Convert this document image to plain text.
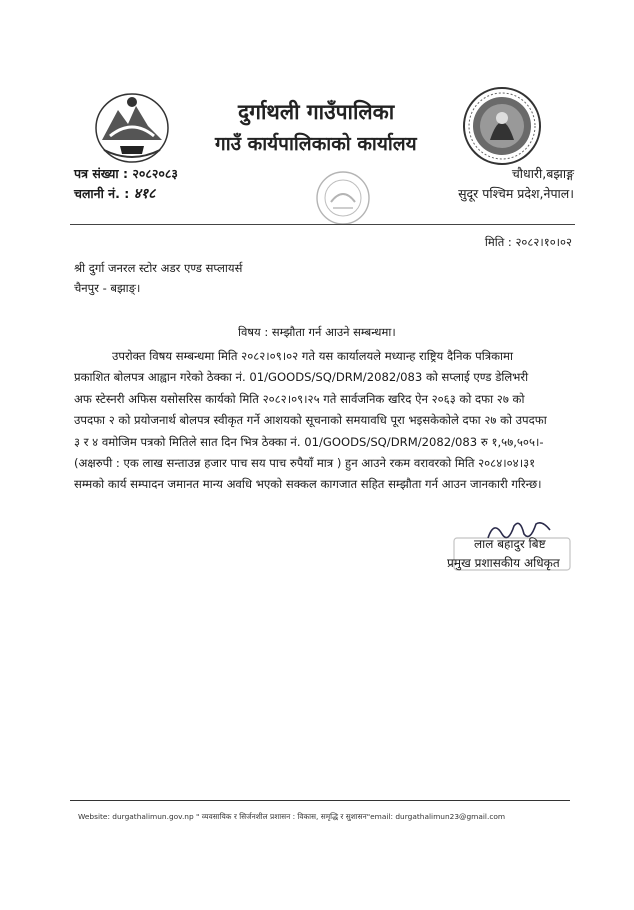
दुर्गाथली गाउँपालिका
गाउँ कार्यपालिकाको कार्यालय
पत्र संख्या : २०८२०८३
चलानी नं. : ४१८
चौधारी,बझाङ्ग
सुदूर पश्चिम प्रदेश,नेपाल।
मिति : २०८२।१०।०२
श्री दुर्गा जनरल स्टोर अडर एण्ड सप्लायर्स
चैनपुर - बझाङ्।
विषय : सम्झौता गर्न आउने सम्बन्धमा।
उपरोक्त विषय सम्बन्धमा मिति २०८२।०९।०२ गते यस कार्यालयले मध्यान्ह राष्ट्रिय दैनिक पत्रिकामा
प्रकाशित बोलपत्र आह्वान गरेको ठेक्का नं. 01/GOODS/SQ/DRM/2082/083 को सप्लाई एण्ड डेलिभरी
अफ स्टेस्नरी अफिस यसोसरिस कार्यको मिति २०८२।०९।२५ गते सार्वजनिक खरिद ऐन २०६३ को दफा २७ को
उपदफा २ को प्रयोजनार्थ बोलपत्र स्वीकृत गर्ने आशयको सूचनाको समयावधि पूरा भइसकेकोले दफा २७ को उपदफा
३ र ४ वमोजिम पत्रको मितिले सात दिन भित्र ठेक्का नं. 01/GOODS/SQ/DRM/2082/083 रु १,५७,५०५।-
(अक्षरुपी : एक लाख सन्ताउन्न हजार पाच सय पाच रुपैयाँ मात्र ) हुन आउने रकम वरावरको मिति २०८४।०४।३१
सम्मको कार्य सम्पादन जमानत मान्य अवधि भएको सक्कल कागजात सहित सम्झौता गर्न आउन जानकारी गरिन्छ।
लाल बहादुर बिष्ट
प्रमुख प्रशासकीय अधिकृत
Website: durgathalimun.gov.np " व्यवसायिक र सिर्जनशील प्रशासन : विकास, समृद्धि र सुशासन"email: durgathalimun23@gmail.com
